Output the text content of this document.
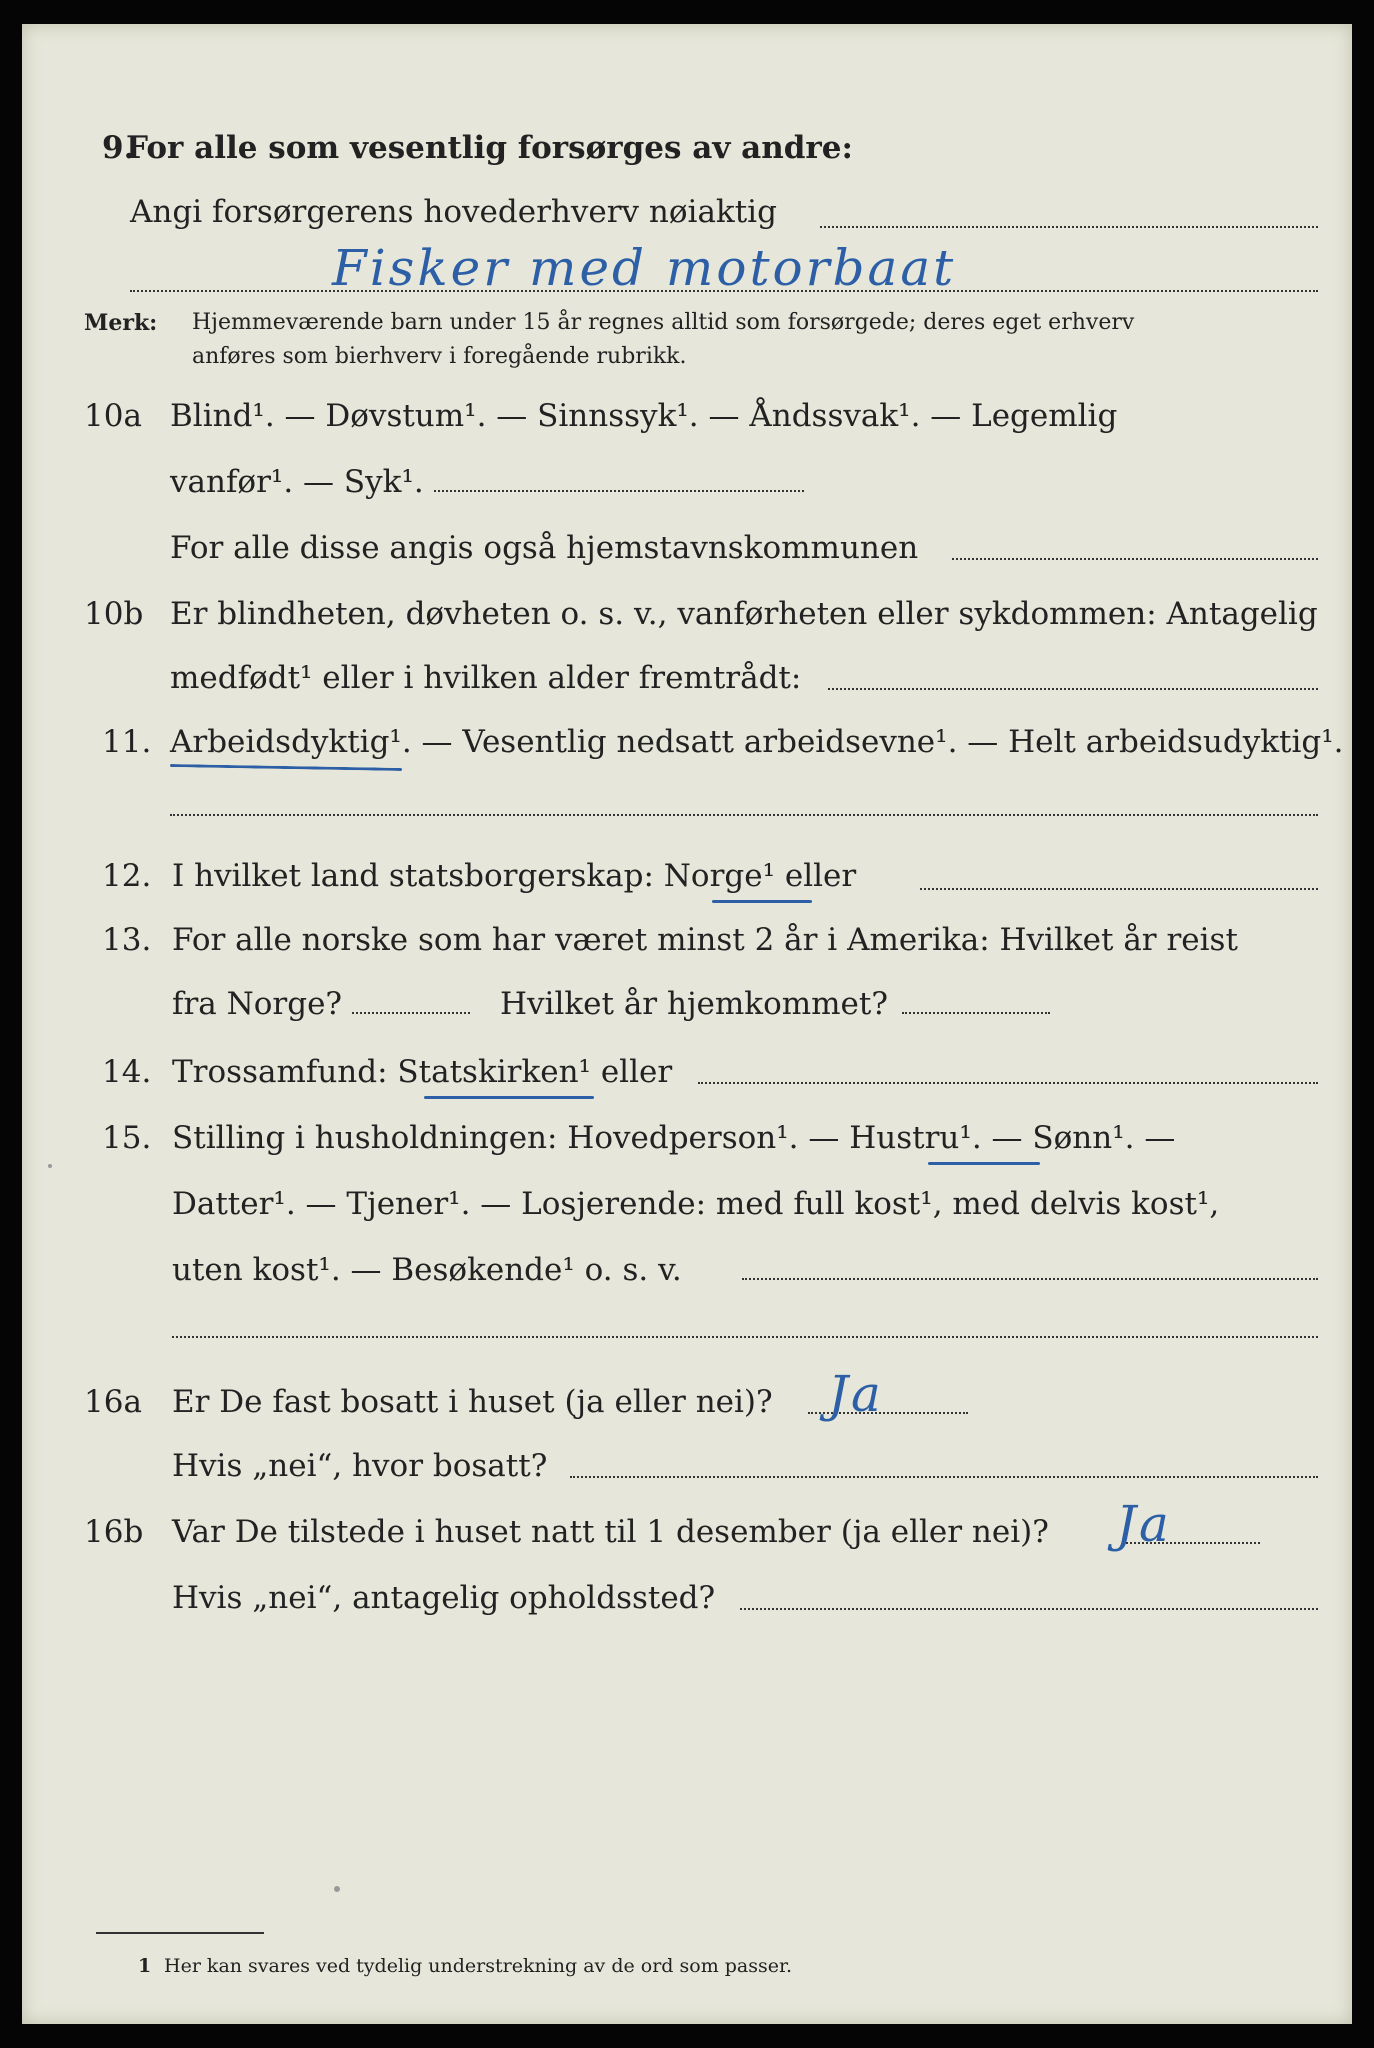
9.
For alle som vesentlig forsørges av andre:
Angi forsørgerens hovederhverv nøiaktig
Fisker med motorbaat
Merk: Hjemmeværende barn under 15 år regnes alltid som forsørgede; deres eget erhverv
anføres som bierhverv i foregående rubrikk.
10a Blind¹. — Døvstum¹. — Sinnssyk¹. — Åndssvak¹. — Legemlig
vanfør¹. — Syk¹.
For alle disse angis også hjemstavnskommunen
10b Er blindheten, døvheten o. s. v., vanførheten eller sykdommen: Antagelig
medfødt¹ eller i hvilken alder fremtrådt:
11. Arbeidsdyktig¹. — Vesentlig nedsatt arbeidsevne¹. — Helt arbeidsudyktig¹.
12. I hvilket land statsborgerskap: Norge¹ eller
13. For alle norske som har været minst 2 år i Amerika: Hvilket år reist
fra Norge?	Hvilket år hjemkommet?
14. Trossamfund: Statskirken¹ eller
15. Stilling i husholdningen: Hovedperson¹. — Hustru¹. — Sønn¹. —
Datter¹. — Tjener¹. — Losjerende: med full kost¹, med delvis kost¹,
uten kost¹. — Besøkende¹ o. s. v.
16a Er De fast bosatt i huset (ja eller nei)? Ja
Hvis „nei“, hvor bosatt?
16b Var De tilstede i huset natt til 1 desember (ja eller nei)? Ja
Hvis „nei“, antagelig opholdssted?
1 Her kan svares ved tydelig understrekning av de ord som passer.
